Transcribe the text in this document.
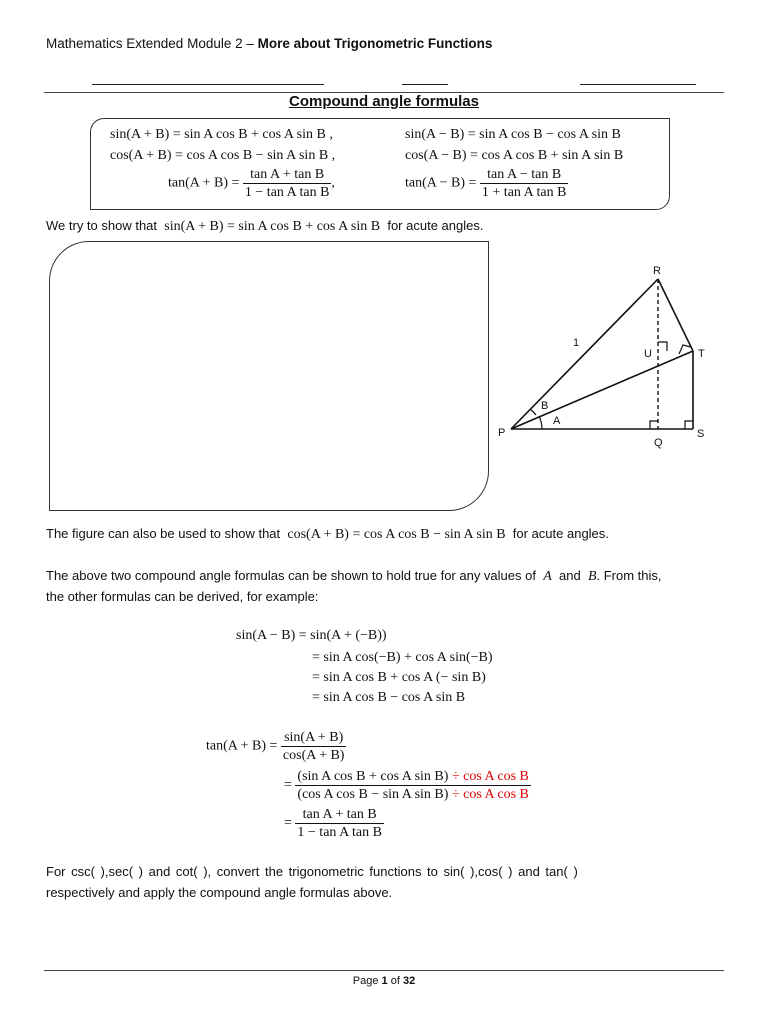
Mathematics Extended Module 2 – More about Trigonometric Functions
Compound angle formulas
sin(A + B) = sin A cos B + cos A sin B ,	sin(A − B) = sin A cos B − cos A sin B
cos(A + B) = cos A cos B − sin A sin B ,	cos(A − B) = cos A cos B + sin A sin B
$\tan(A + B) = \frac{\text{tan A + tan B}}{\text{1 − tan A tan B}}$ ,	$\tan(A - B) = \frac{\text{tan A − tan B}}{\text{1 + tan A tan B}}$
We try to show that sin(A + B) = sin A cos B + cos A sin B for acute angles.
R
T
U
P
Q
S
A
B
1
The figure can also be used to show that cos(A + B) = cos A cos B − sin A sin B for acute angles.
The above two compound angle formulas can be shown to hold true for any values of A and B. From this,
the other formulas can be derived, for example:
sin(A − B) = sin(A + (−B))
= sin A cos(−B) + cos A sin(−B)
= sin A cos B + cos A (− sin B)
= sin A cos B − cos A sin B
$\tan(A + B) = \frac{\sin(A + B)}{\cos(A + B)}$
= $\frac{\text{(sin A cos B + cos A sin B) ÷ cos A cos B}}{\text{(cos A cos B − sin A sin B) ÷ cos A cos B}}$
= $\frac{\text{tan A + tan B}}{\text{1 − tan A tan B}}$
For csc( ),sec( ) and cot( ), convert the trigonometric functions to sin( ),cos( ) and tan( )
respectively and apply the compound angle formulas above.
Page 1 of 32
